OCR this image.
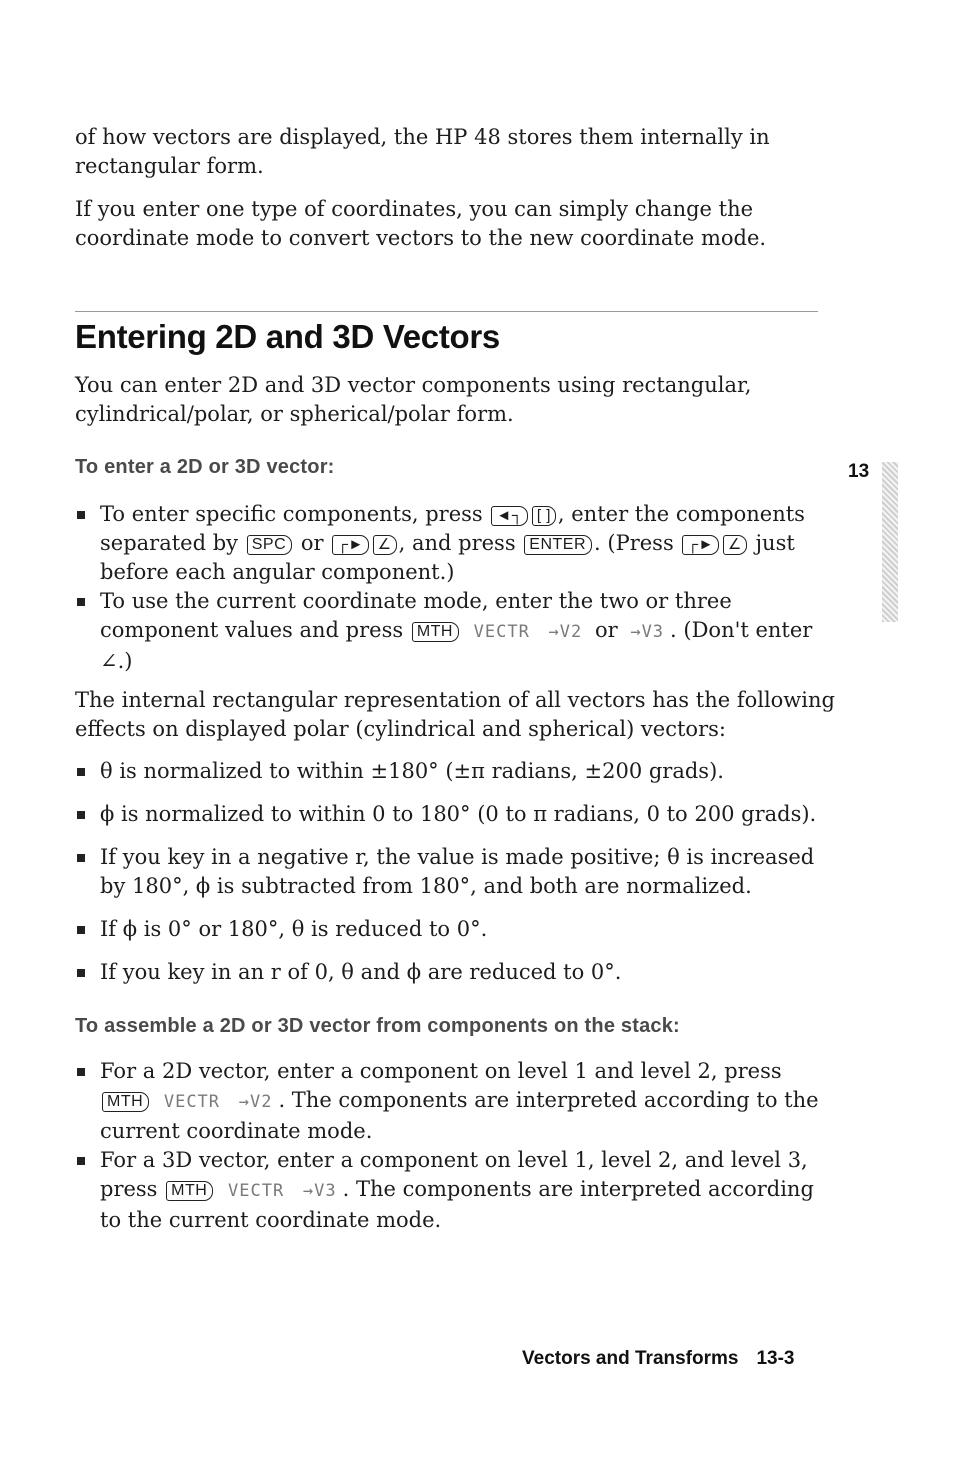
of how vectors are displayed, the HP 48 stores them internally in rectangular form.

If you enter one type of coordinates, you can simply change the coordinate mode to convert vectors to the new coordinate mode.

Entering 2D and 3D Vectors
You can enter 2D and 3D vector components using rectangular, cylindrical/polar, or spherical/polar form.
To enter a 2D or 3D vector:	13
To enter specific components, press ◄┐ [ ] , enter the components separated by SPC or ┌► ∠ , and press ENTER . (Press ┌► ∠ just before each angular component.)
To use the current coordinate mode, enter the two or three component values and press MTH VECTR →V2 or →V3 . (Don't enter ∠.)
The internal rectangular representation of all vectors has the following effects on displayed polar (cylindrical and spherical) vectors:
θ is normalized to within ±180° (±π radians, ±200 grads).
ϕ is normalized to within 0 to 180° (0 to π radians, 0 to 200 grads).
If you key in a negative r, the value is made positive; θ is increased by 180°, ϕ is subtracted from 180°, and both are normalized.
If ϕ is 0° or 180°, θ is reduced to 0°.
If you key in an r of 0, θ and ϕ are reduced to 0°.
To assemble a 2D or 3D vector from components on the stack:
For a 2D vector, enter a component on level 1 and level 2, press MTH VECTR →V2 . The components are interpreted according to the current coordinate mode.
For a 3D vector, enter a component on level 1, level 2, and level 3, press MTH VECTR →V3 . The components are interpreted according to the current coordinate mode.
Vectors and Transforms 13-3
